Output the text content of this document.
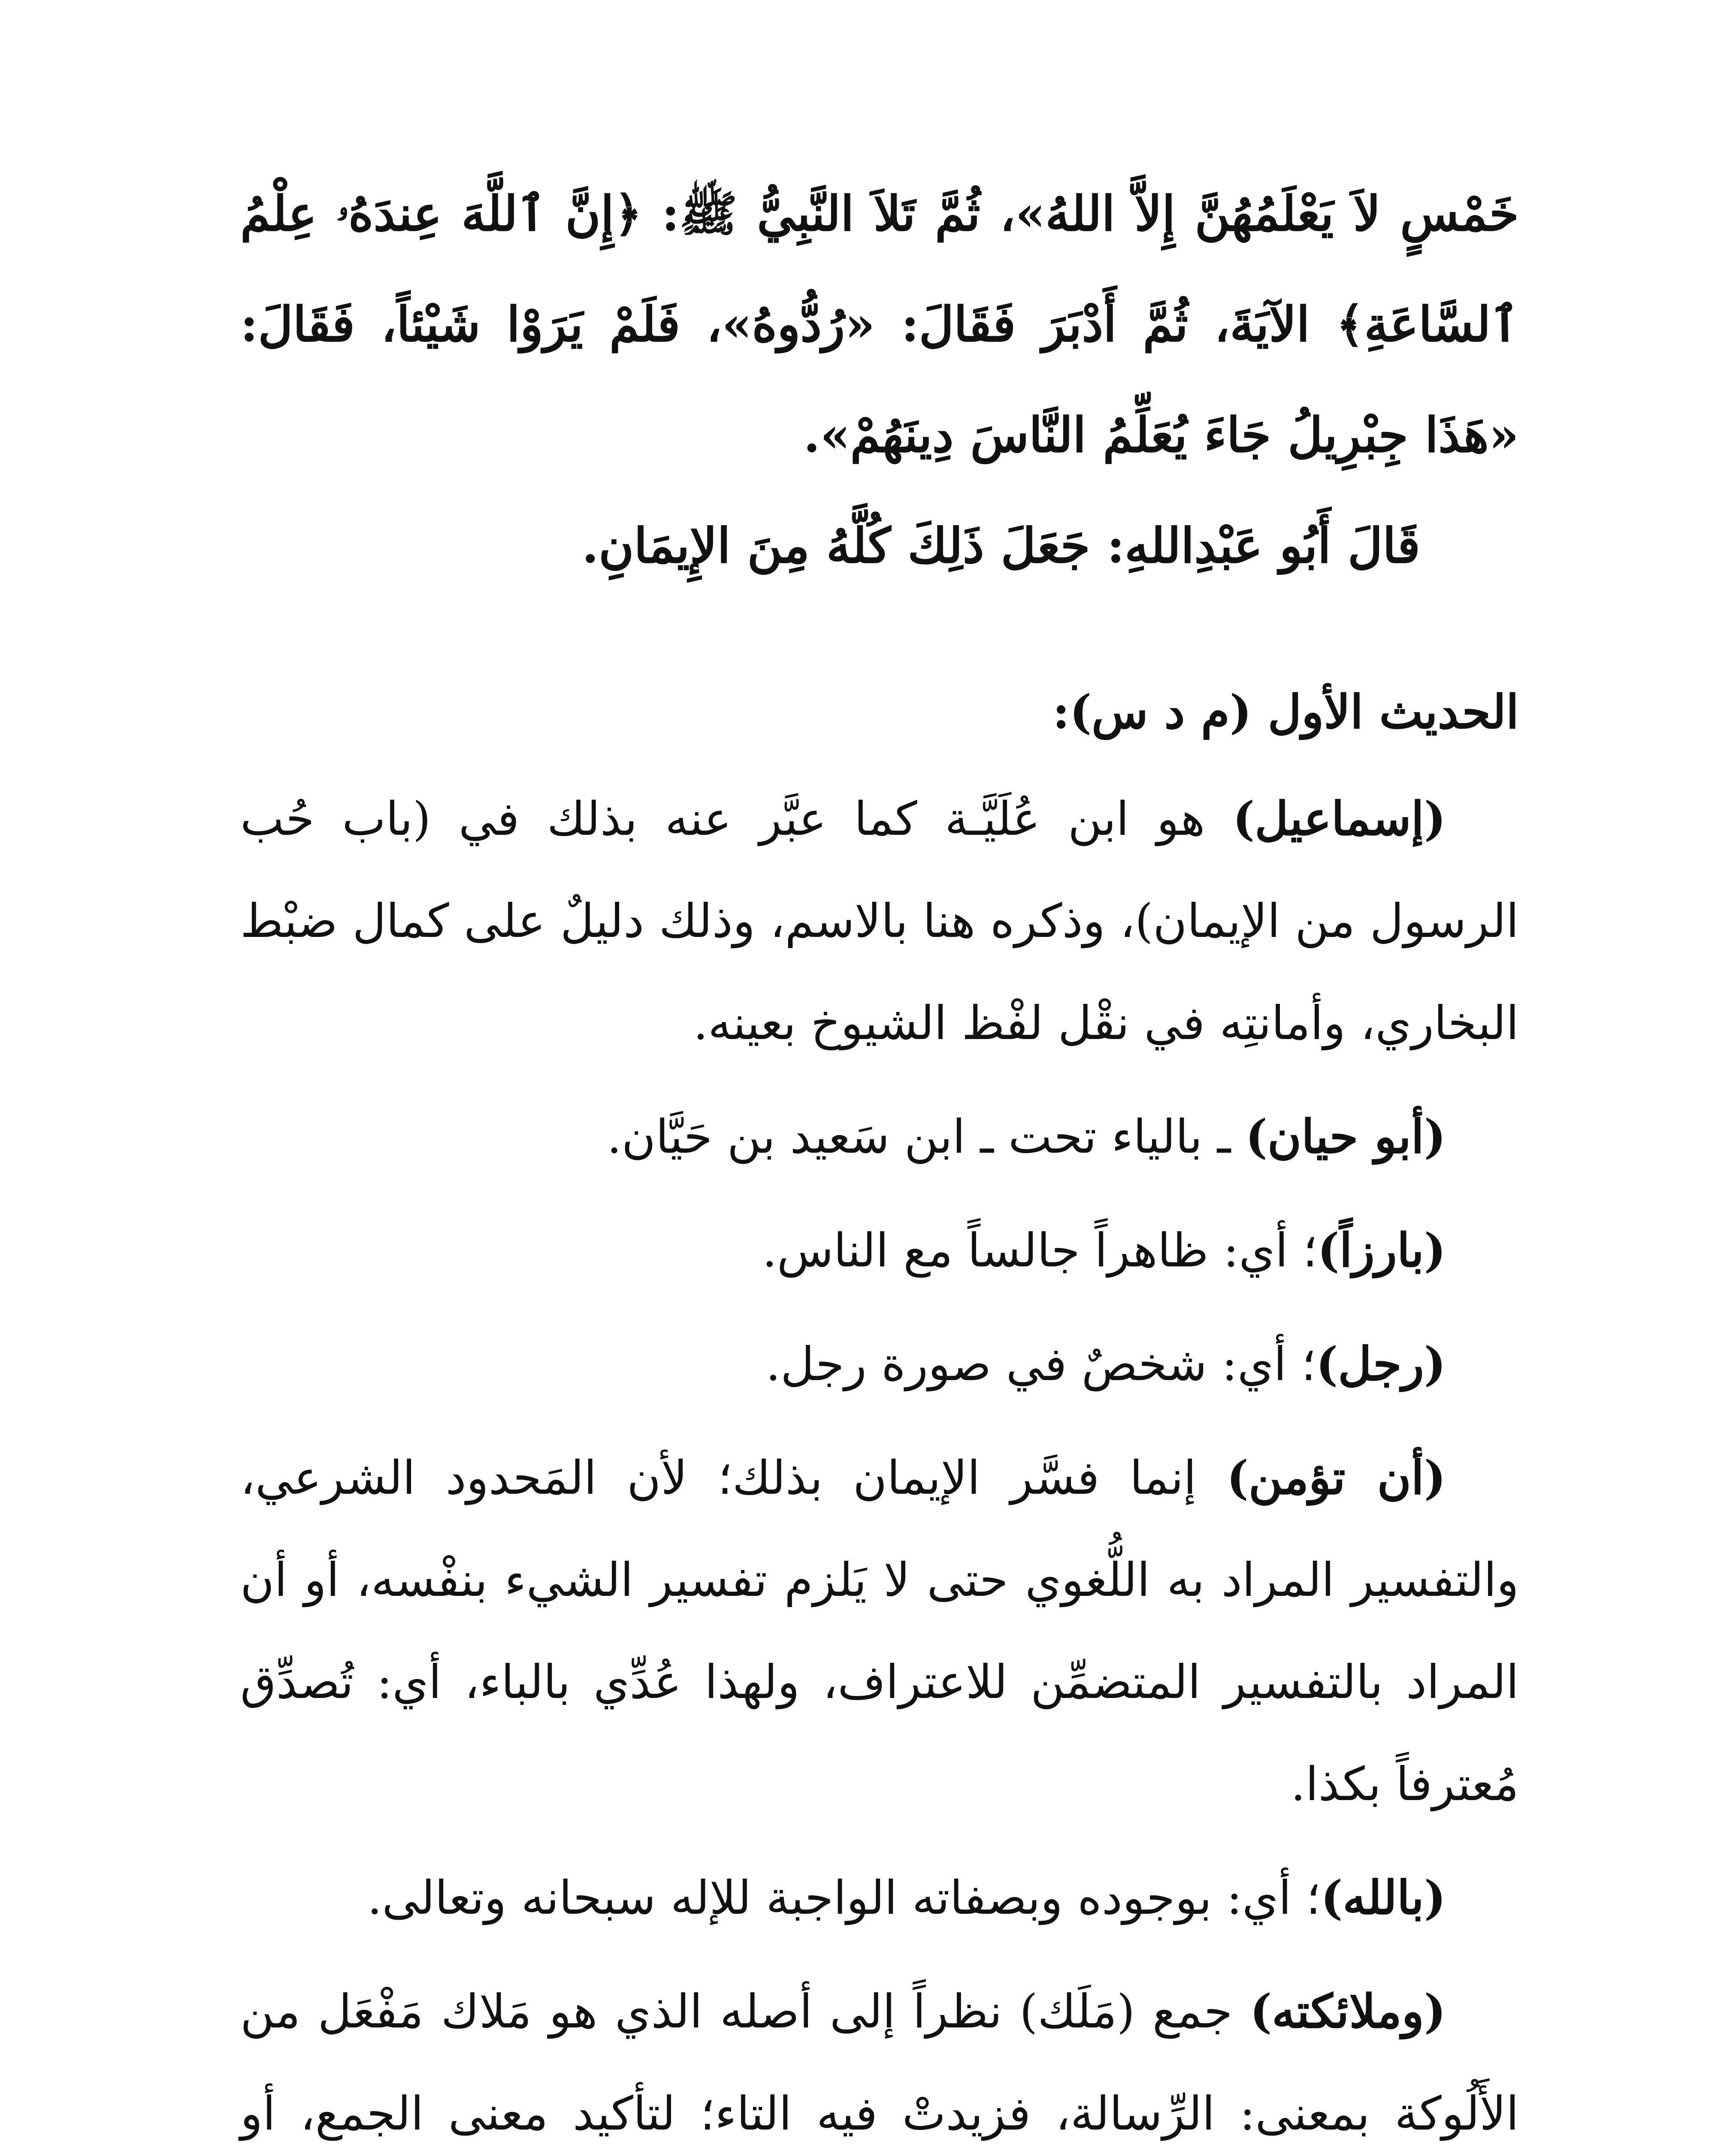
خَمْسٍ لاَ يَعْلَمُهُنَّ إِلاَّ اللهُ»، ثُمَّ تَلاَ النَّبِيُّ ﷺ: ﴿إِنَّ ٱللَّهَ عِندَهُۥ عِلْمُ ٱلسَّاعَةِ﴾ الآيَةَ، ثُمَّ أَدْبَرَ فَقَالَ: «رُدُّوهُ»، فَلَمْ يَرَوْا شَيْئاً، فَقَالَ: «هَذَا جِبْرِيلُ جَاءَ يُعَلِّمُ النَّاسَ دِينَهُمْ».

قَالَ أَبُو عَبْدِاللهِ: جَعَلَ ذَلِكَ كُلَّهُ مِنَ الإِيمَانِ.

الحديث الأول (م د س):

(إسماعيل) هو ابن عُلَيَّـة كما عبَّر عنه بذلك في (باب حُب الرسول من الإيمان)، وذكره هنا بالاسم، وذلك دليلٌ على كمال ضبْط البخاري، وأمانتِه في نقْل لفْظ الشيوخ بعينه.

(أبو حيان) ـ بالياء تحت ـ ابن سَعيد بن حَيَّان.

(بارزاً)؛ أي: ظاهراً جالساً مع الناس.

(رجل)؛ أي: شخصٌ في صورة رجل.

(أن تؤمن) إنما فسَّر الإيمان بذلك؛ لأن المَحدود الشرعي، والتفسير المراد به اللُّغوي حتى لا يَلزم تفسير الشيء بنفْسه، أو أن المراد بالتفسير المتضمِّن للاعتراف، ولهذا عُدِّي بالباء، أي: تُصدِّق مُعترفاً بكذا.

(بالله)؛ أي: بوجوده وبصفاته الواجبة للإله سبحانه وتعالى.

(وملائكته) جمع (مَلَك) نظراً إلى أصله الذي هو مَلاك مَفْعَل من الأَلُوكة بمعنى: الرِّسالة، فزيدتْ فيه التاء؛ لتأكيد معنى الجمع، أو
